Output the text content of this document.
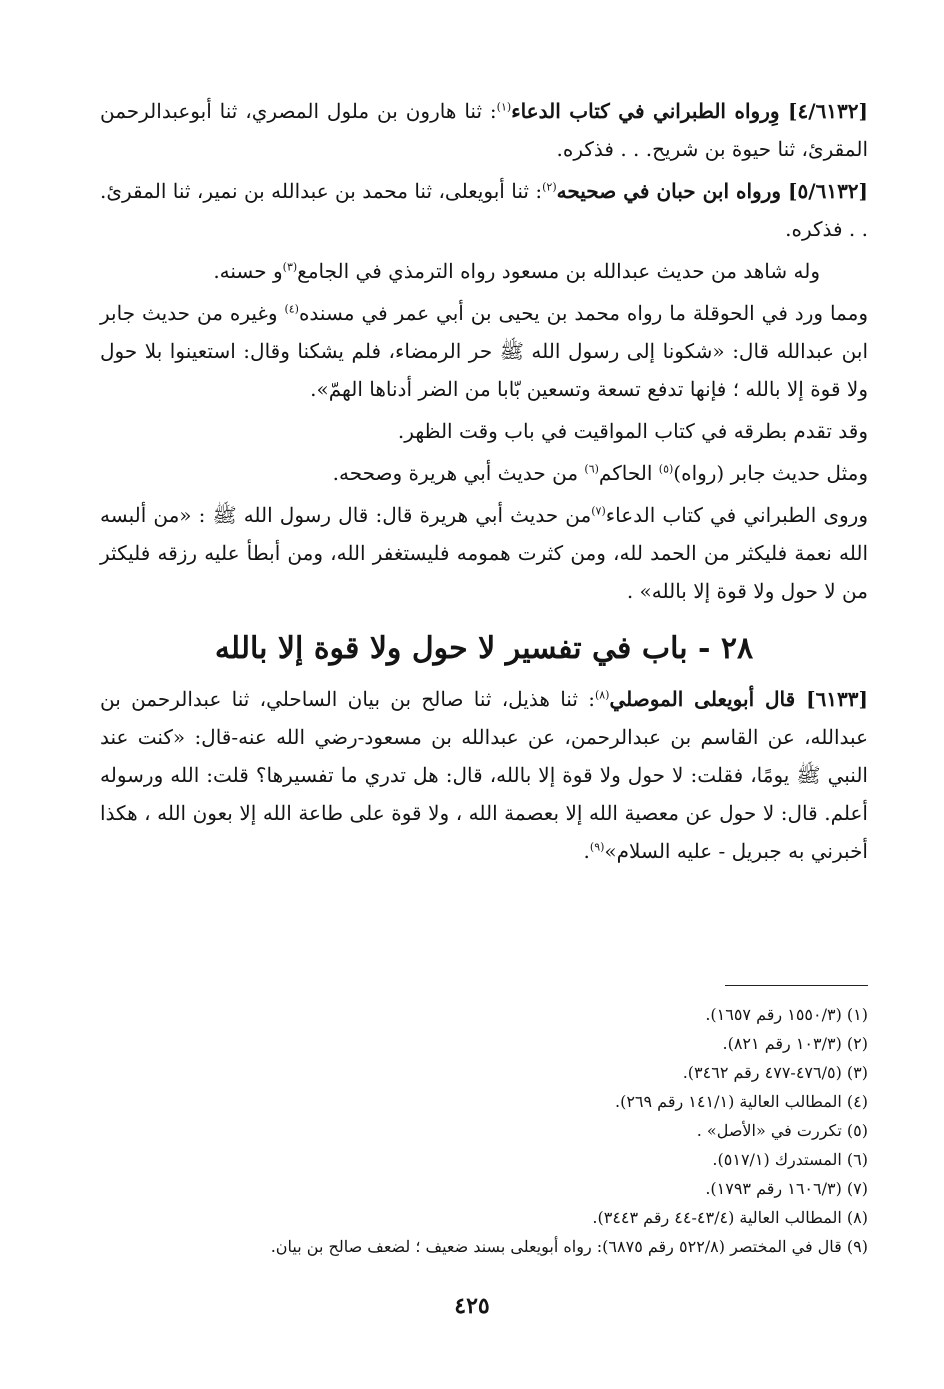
[٤/٦١٣٢] وِرواه الطبراني في كتاب الدعاء$^{(١)}$: ثنا هارون بن ملول المصري، ثنا أبوعبدالرحمن المقرئ، ثنا حيوة بن شريح. . . فذكره.

[٥/٦١٣٢] ورواه ابن حبان في صحيحه$^{(٢)}$: ثنا أبويعلى، ثنا محمد بن عبدالله بن نمير، ثنا المقرئ. . . فذكره.

وله شاهد من حديث عبدالله بن مسعود رواه الترمذي في الجامع$^{(٣)}$و حسنه.

ومما ورد في الحوقلة ما رواه محمد بن يحيى بن أبي عمر في مسنده$^{(٤)}$ وغيره من حديث جابر ابن عبدالله قال: «شكونا إلى رسول الله ﷺ حر الرمضاء، فلم يشكنا وقال: استعينوا بلا حول ولا قوة إلا بالله ؛ فإنها تدفع تسعة وتسعين بّابا من الضر أدناها الهمّ».

وقد تقدم بطرقه في كتاب المواقيت في باب وقت الظهر.

ومثل حديث جابر (رواه)$^{(٥)}$ الحاكم$^{(٦)}$ من حديث أبي هريرة وصححه.

وروى الطبراني في كتاب الدعاء$^{(٧)}$من حديث أبي هريرة قال: قال رسول الله ﷺ : «من ألبسه الله نعمة فليكثر من الحمد لله، ومن كثرت همومه فليستغفر الله، ومن أبطأ عليه رزقه فليكثر من لا حول ولا قوة إلا بالله» .

٢٨ - باب في تفسير لا حول ولا قوة إلا بالله

[٦١٣٣] قال أبويعلى الموصلي$^{(٨)}$: ثنا هذيل، ثنا صالح بن بيان الساحلي، ثنا عبدالرحمن بن عبدالله، عن القاسم بن عبدالرحمن، عن عبدالله بن مسعود-رضي الله عنه-قال: «كنت عند النبي ﷺ يومًا، فقلت: لا حول ولا قوة إلا بالله، قال: هل تدري ما تفسيرها؟ قلت: الله ورسوله أعلم. قال: لا حول عن معصية الله إلا بعصمة الله ، ولا قوة على طاعة الله إلا بعون الله ، هكذا أخبرني به جبريل - عليه السلام»$^{(٩)}$.

(١) (١٥٥٠/٣ رقم ١٦٥٧).
(٢) (١٠٣/٣ رقم ٨٢١).
(٣) (٤٧٦/٥-٤٧٧ رقم ٣٤٦٢).
(٤) المطالب العالية (١٤١/١ رقم ٢٦٩).
(٥) تكررت في «الأصل» .
(٦) المستدرك (٥١٧/١).
(٧) (١٦٠٦/٣ رقم ١٧٩٣).
(٨) المطالب العالية (٤٣/٤-٤٤ رقم ٣٤٤٣).
(٩) قال في المختصر (٥٢٢/٨ رقم ٦٨٧٥): رواه أبويعلى بسند ضعيف ؛ لضعف صالح بن بيان.
٤٢٥
